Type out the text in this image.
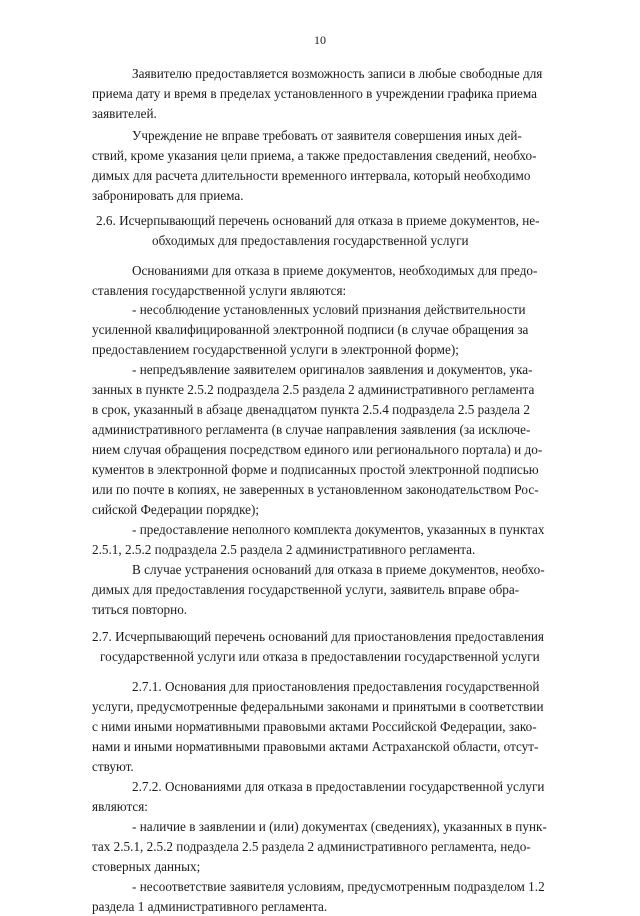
10

Заявителю предоставляется возможность записи в любые свободные для

приема дату и время в пределах установленного в учреждении графика приема

заявителей.

Учреждение не вправе требовать от заявителя совершения иных дей-

ствий, кроме указания цели приема, а также предоставления сведений, необхо-

димых для расчета длительности временного интервала, который необходимо

забронировать для приема.

2.6. Исчерпывающий перечень оснований для отказа в приеме документов, не-

обходимых для предоставления государственной услуги

Основаниями для отказа в приеме документов, необходимых для предо-

ставления государственной услуги являются:

- несоблюдение установленных условий признания действительности

усиленной квалифицированной электронной подписи (в случае обращения за

предоставлением государственной услуги в электронной форме);

- непредъявление заявителем оригиналов заявления и документов, ука-

занных в пункте 2.5.2 подраздела 2.5 раздела 2 административного регламента

в срок, указанный в абзаце двенадцатом пункта 2.5.4 подраздела 2.5 раздела 2

административного регламента (в случае направления заявления (за исключе-

нием случая обращения посредством единого или регионального портала) и до-

кументов в электронной форме и подписанных простой электронной подписью

или по почте в копиях, не заверенных в установленном законодательством Рос-

сийской Федерации порядке);

- предоставление неполного комплекта документов, указанных в пунктах

2.5.1, 2.5.2 подраздела 2.5 раздела 2 административного регламента.

В случае устранения оснований для отказа в приеме документов, необхо-

димых для предоставления государственной услуги, заявитель вправе обра-

титься повторно.

2.7. Исчерпывающий перечень оснований для приостановления предоставления

государственной услуги или отказа в предоставлении государственной услуги

2.7.1. Основания для приостановления предоставления государственной

услуги, предусмотренные федеральными законами и принятыми в соответствии

с ними иными нормативными правовыми актами Российской Федерации, зако-

нами и иными нормативными правовыми актами Астраханской области, отсут-

ствуют.

2.7.2. Основаниями для отказа в предоставлении государственной услуги

являются:

- наличие в заявлении и (или) документах (сведениях), указанных в пунк-

тах 2.5.1, 2.5.2 подраздела 2.5 раздела 2 административного регламента, недо-

стоверных данных;

- несоответствие заявителя условиям, предусмотренным подразделом 1.2

раздела 1 административного регламента.
